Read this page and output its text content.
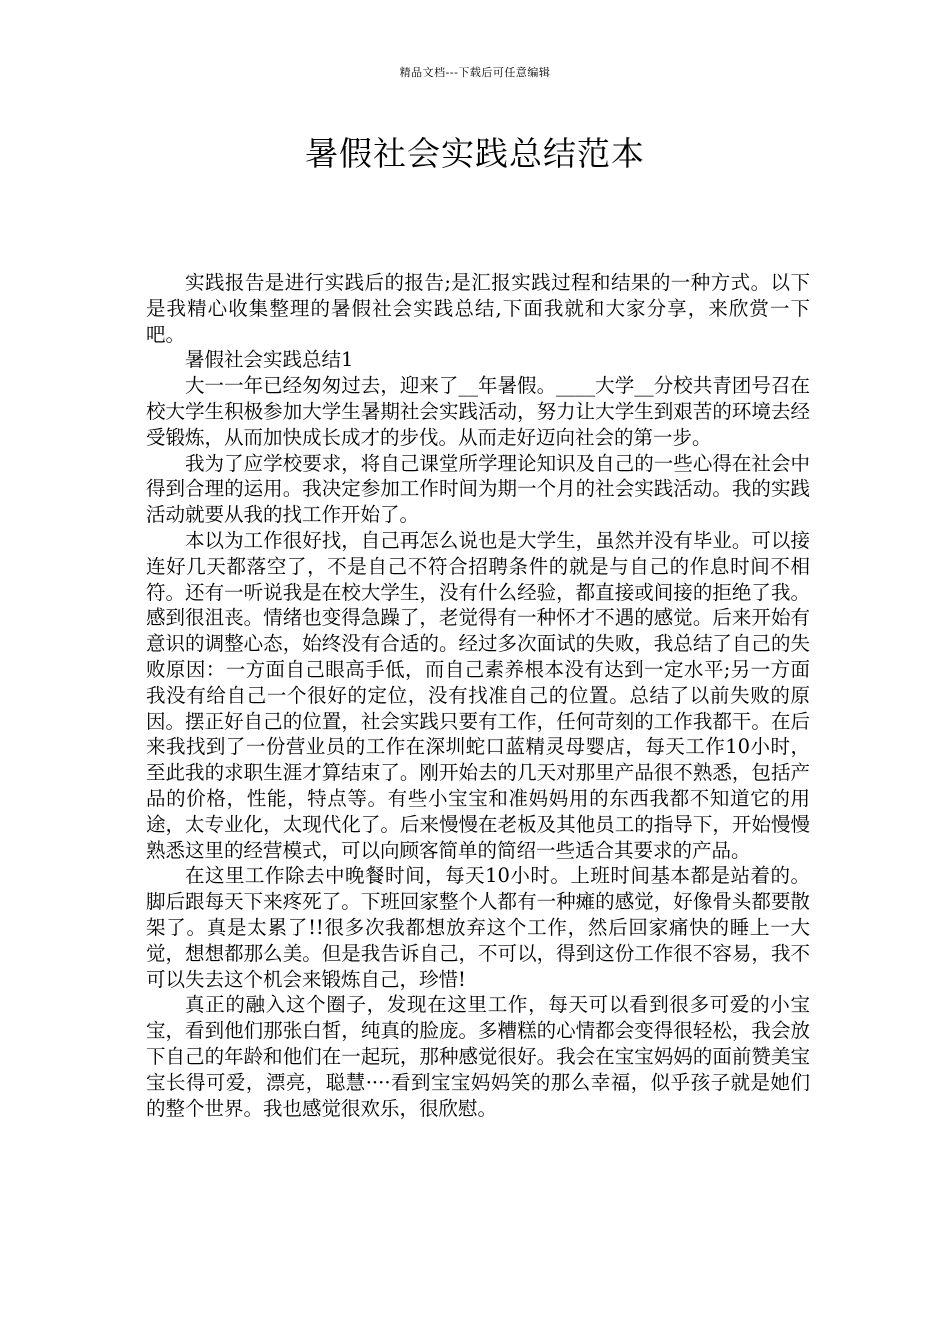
精品文档---下载后可任意编辑
暑假社会实践总结范本

实践报告是进行实践后的报告;是汇报实践过程和结果的一种方式。以下是我精心收集整理的暑假社会实践总结,下面我就和大家分享，来欣赏一下吧。

暑假社会实践总结1

大一一年已经匆匆过去，迎来了__年暑假。____大学__分校共青团号召在校大学生积极参加大学生暑期社会实践活动，努力让大学生到艰苦的环境去经受锻炼，从而加快成长成才的步伐。从而走好迈向社会的第一步。

我为了应学校要求，将自己课堂所学理论知识及自己的一些心得在社会中得到合理的运用。我决定参加工作时间为期一个月的社会实践活动。我的实践活动就要从我的找工作开始了。

本以为工作很好找，自己再怎么说也是大学生，虽然并没有毕业。可以接连好几天都落空了，不是自己不符合招聘条件的就是与自己的作息时间不相符。还有一听说我是在校大学生，没有什么经验，都直接或间接的拒绝了我。感到很沮丧。情绪也变得急躁了，老觉得有一种怀才不遇的感觉。后来开始有意识的调整心态，始终没有合适的。经过多次面试的失败，我总结了自己的失败原因：一方面自己眼高手低，而自己素养根本没有达到一定水平;另一方面我没有给自己一个很好的定位，没有找准自己的位置。总结了以前失败的原因。摆正好自己的位置，社会实践只要有工作，任何苛刻的工作我都干。在后来我找到了一份营业员的工作在深圳蛇口蓝精灵母婴店，每天工作10小时，至此我的求职生涯才算结束了。刚开始去的几天对那里产品很不熟悉，包括产品的价格，性能，特点等。有些小宝宝和准妈妈用的东西我都不知道它的用途，太专业化，太现代化了。后来慢慢在老板及其他员工的指导下，开始慢慢熟悉这里的经营模式，可以向顾客简单的简绍一些适合其要求的产品。

在这里工作除去中晚餐时间，每天10小时。上班时间基本都是站着的。脚后跟每天下来疼死了。下班回家整个人都有一种瘫的感觉，好像骨头都要散架了。真是太累了!!很多次我都想放弃这个工作，然后回家痛快的睡上一大觉，想想都那么美。但是我告诉自己，不可以，得到这份工作很不容易，我不可以失去这个机会来锻炼自己，珍惜!

真正的融入这个圈子，发现在这里工作，每天可以看到很多可爱的小宝宝，看到他们那张白皙，纯真的脸庞。多糟糕的心情都会变得很轻松，我会放下自己的年龄和他们在一起玩，那种感觉很好。我会在宝宝妈妈的面前赞美宝宝长得可爱，漂亮，聪慧····看到宝宝妈妈笑的那么幸福，似乎孩子就是她们的整个世界。我也感觉很欢乐，很欣慰。
